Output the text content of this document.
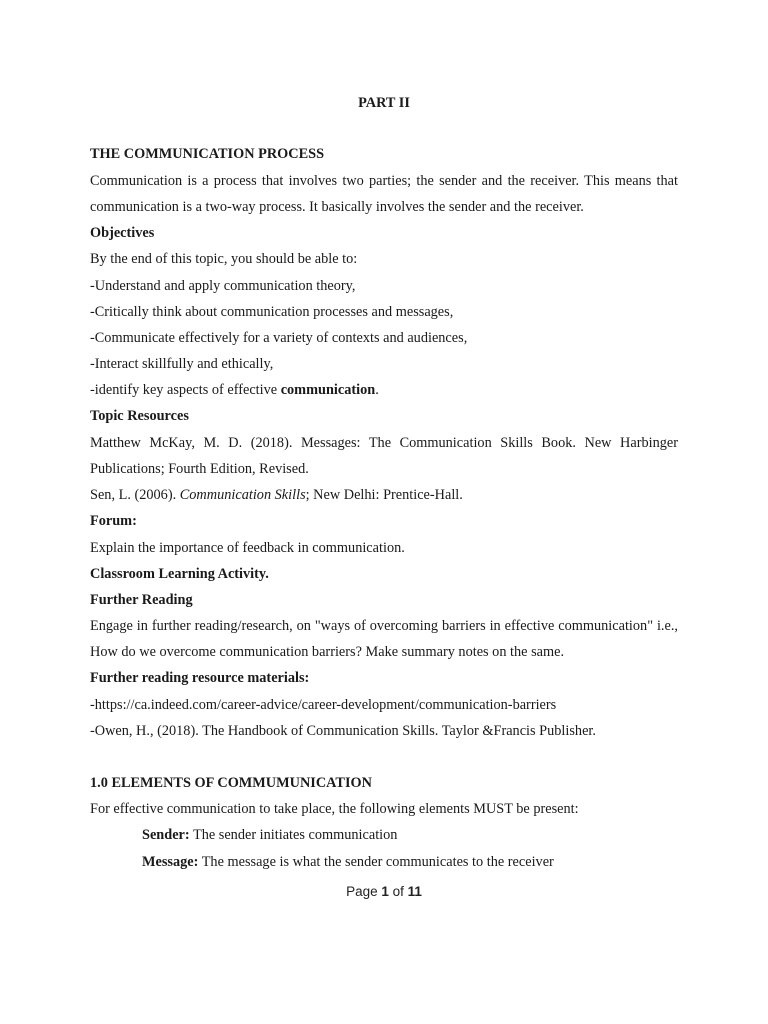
PART II
THE COMMUNICATION PROCESS
Communication is a process that involves two parties; the sender and the receiver. This means that
communication is a two-way process. It basically involves the sender and the receiver.
Objectives
By the end of this topic, you should be able to:
-Understand and apply communication theory,
-Critically think about communication processes and messages,
-Communicate effectively for a variety of contexts and audiences,
-Interact skillfully and ethically,
-identify key aspects of effective communication.
Topic Resources
Matthew McKay, M. D. (2018). Messages: The Communication Skills Book. New Harbinger
Publications; Fourth Edition, Revised.
Sen, L. (2006). Communication Skills; New Delhi: Prentice-Hall.
Forum:
Explain the importance of feedback in communication.
Classroom Learning Activity.
Further Reading
Engage in further reading/research, on "ways of overcoming barriers in effective communication" i.e.,
How do we overcome communication barriers? Make summary notes on the same.
Further reading resource materials:
-https://ca.indeed.com/career-advice/career-development/communication-barriers
-Owen, H., (2018). The Handbook of Communication Skills. Taylor &Francis Publisher.
1.0 ELEMENTS OF COMMUMUNICATION
For effective communication to take place, the following elements MUST be present:
Sender: The sender initiates communication
Message: The message is what the sender communicates to the receiver
Page 1 of 11
